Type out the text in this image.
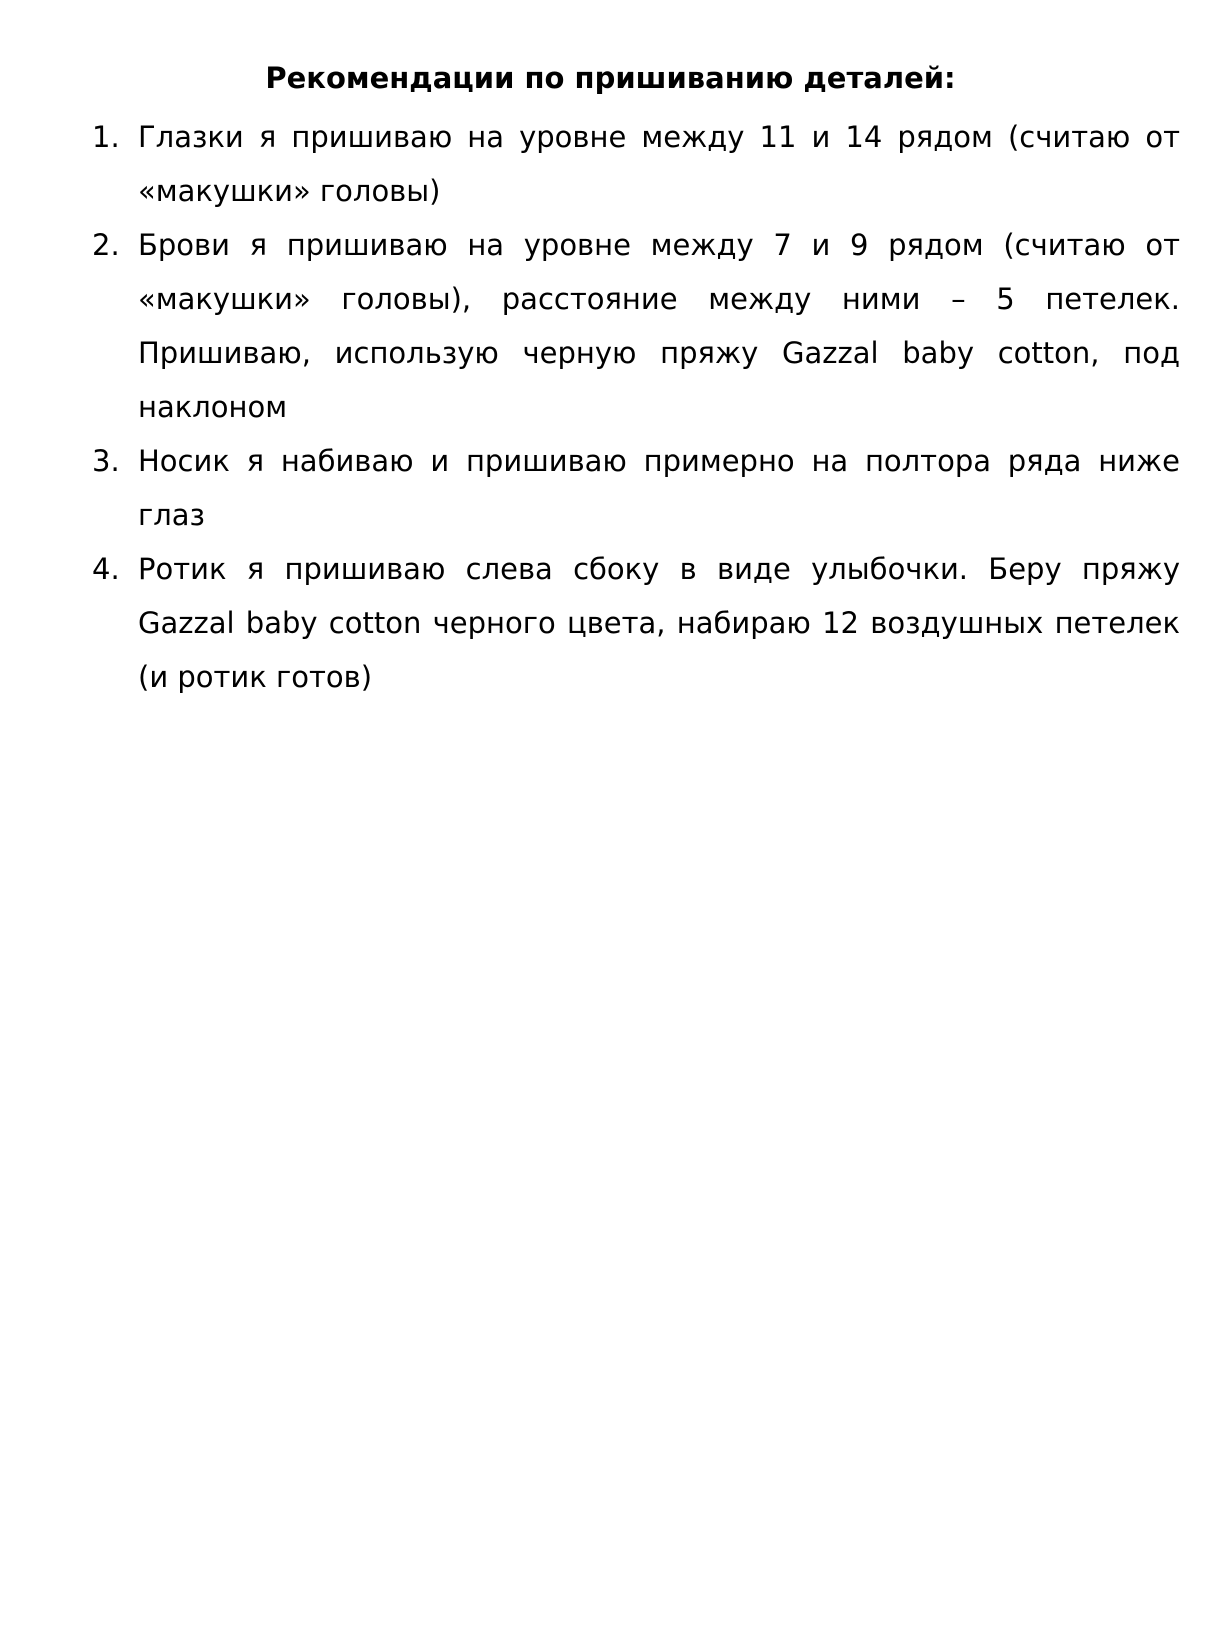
Рекомендации по пришиванию деталей:
1. Глазки я пришиваю на уровне между 11 и 14 рядом (считаю от «макушки» головы)
2. Брови я пришиваю на уровне между 7 и 9 рядом (считаю от «макушки» головы), расстояние между ними – 5 петелек. Пришиваю, использую черную пряжу Gazzal baby cotton, под наклоном
3. Носик я набиваю и пришиваю примерно на полтора ряда ниже глаз
4. Ротик я пришиваю слева сбоку в виде улыбочки. Беру пряжу Gazzal baby cotton черного цвета, набираю 12 воздушных петелек (и ротик готов)
